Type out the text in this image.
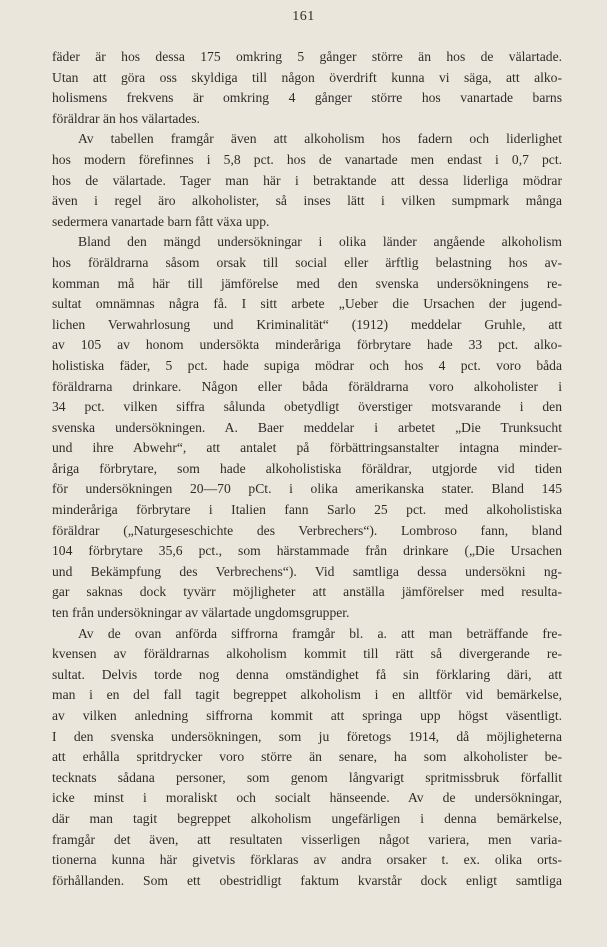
161

fäder är hos dessa 175 omkring 5 gånger större än hos de välartade.

Utan att göra oss skyldiga till någon överdrift kunna vi säga, att alko-

holismens frekvens är omkring 4 gånger större hos vanartade barns

föräldrar än hos välartades.

Av tabellen framgår även att alkoholism hos fadern och liderlighet

hos modern förefinnes i 5,8 pct. hos de vanartade men endast i 0,7 pct.

hos de välartade. Tager man här i betraktande att dessa liderliga mödrar

även i regel äro alkoholister, så inses lätt i vilken sumpmark många

sedermera vanartade barn fått växa upp.

Bland den mängd undersökningar i olika länder angående alkoholism

hos föräldrarna såsom orsak till social eller ärftlig belastning hos av-

komman må här till jämförelse med den svenska undersökningens re-

sultat omnämnas några få. I sitt arbete „Ueber die Ursachen der jugend-

lichen Verwahrlosung und Kriminalität“ (1912) meddelar Gruhle, att

av 105 av honom undersökta minderåriga förbrytare hade 33 pct. alko-

holistiska fäder, 5 pct. hade supiga mödrar och hos 4 pct. voro båda

föräldrarna drinkare. Någon eller båda föräldrarna voro alkoholister i

34 pct. vilken siffra sålunda obetydligt överstiger motsvarande i den

svenska undersökningen. A. Baer meddelar i arbetet „Die Trunksucht

und ihre Abwehr“, att antalet på förbättringsanstalter intagna minder-

åriga förbrytare, som hade alkoholistiska föräldrar, utgjorde vid tiden

för undersökningen 20—70 pCt. i olika amerikanska stater. Bland 145

minderåriga förbrytare i Italien fann Sarlo 25 pct. med alkoholistiska

föräldrar („Naturgeseschichte des Verbrechers“). Lombroso fann, bland

104 förbrytare 35,6 pct., som härstammade från drinkare („Die Ursachen

und Bekämpfung des Verbrechens“). Vid samtliga dessa undersökni ng-

gar saknas dock tyvärr möjligheter att anställa jämförelser med resulta-

ten från undersökningar av välartade ungdomsgrupper.

Av de ovan anförda siffrorna framgår bl. a. att man beträffande fre-

kvensen av föräldrarnas alkoholism kommit till rätt så divergerande re-

sultat. Delvis torde nog denna omständighet få sin förklaring däri, att

man i en del fall tagit begreppet alkoholism i en alltför vid bemärkelse,

av vilken anledning siffrorna kommit att springa upp högst väsentligt.

I den svenska undersökningen, som ju företogs 1914, då möjligheterna

att erhålla spritdrycker voro större än senare, ha som alkoholister be-

tecknats sådana personer, som genom långvarigt spritmissbruk förfallit

icke minst i moraliskt och socialt hänseende. Av de undersökningar,

där man tagit begreppet alkoholism ungefärligen i denna bemärkelse,

framgår det även, att resultaten visserligen något variera, men varia-

tionerna kunna här givetvis förklaras av andra orsaker t. ex. olika orts-

förhållanden. Som ett obestridligt faktum kvarstår dock enligt samtliga
